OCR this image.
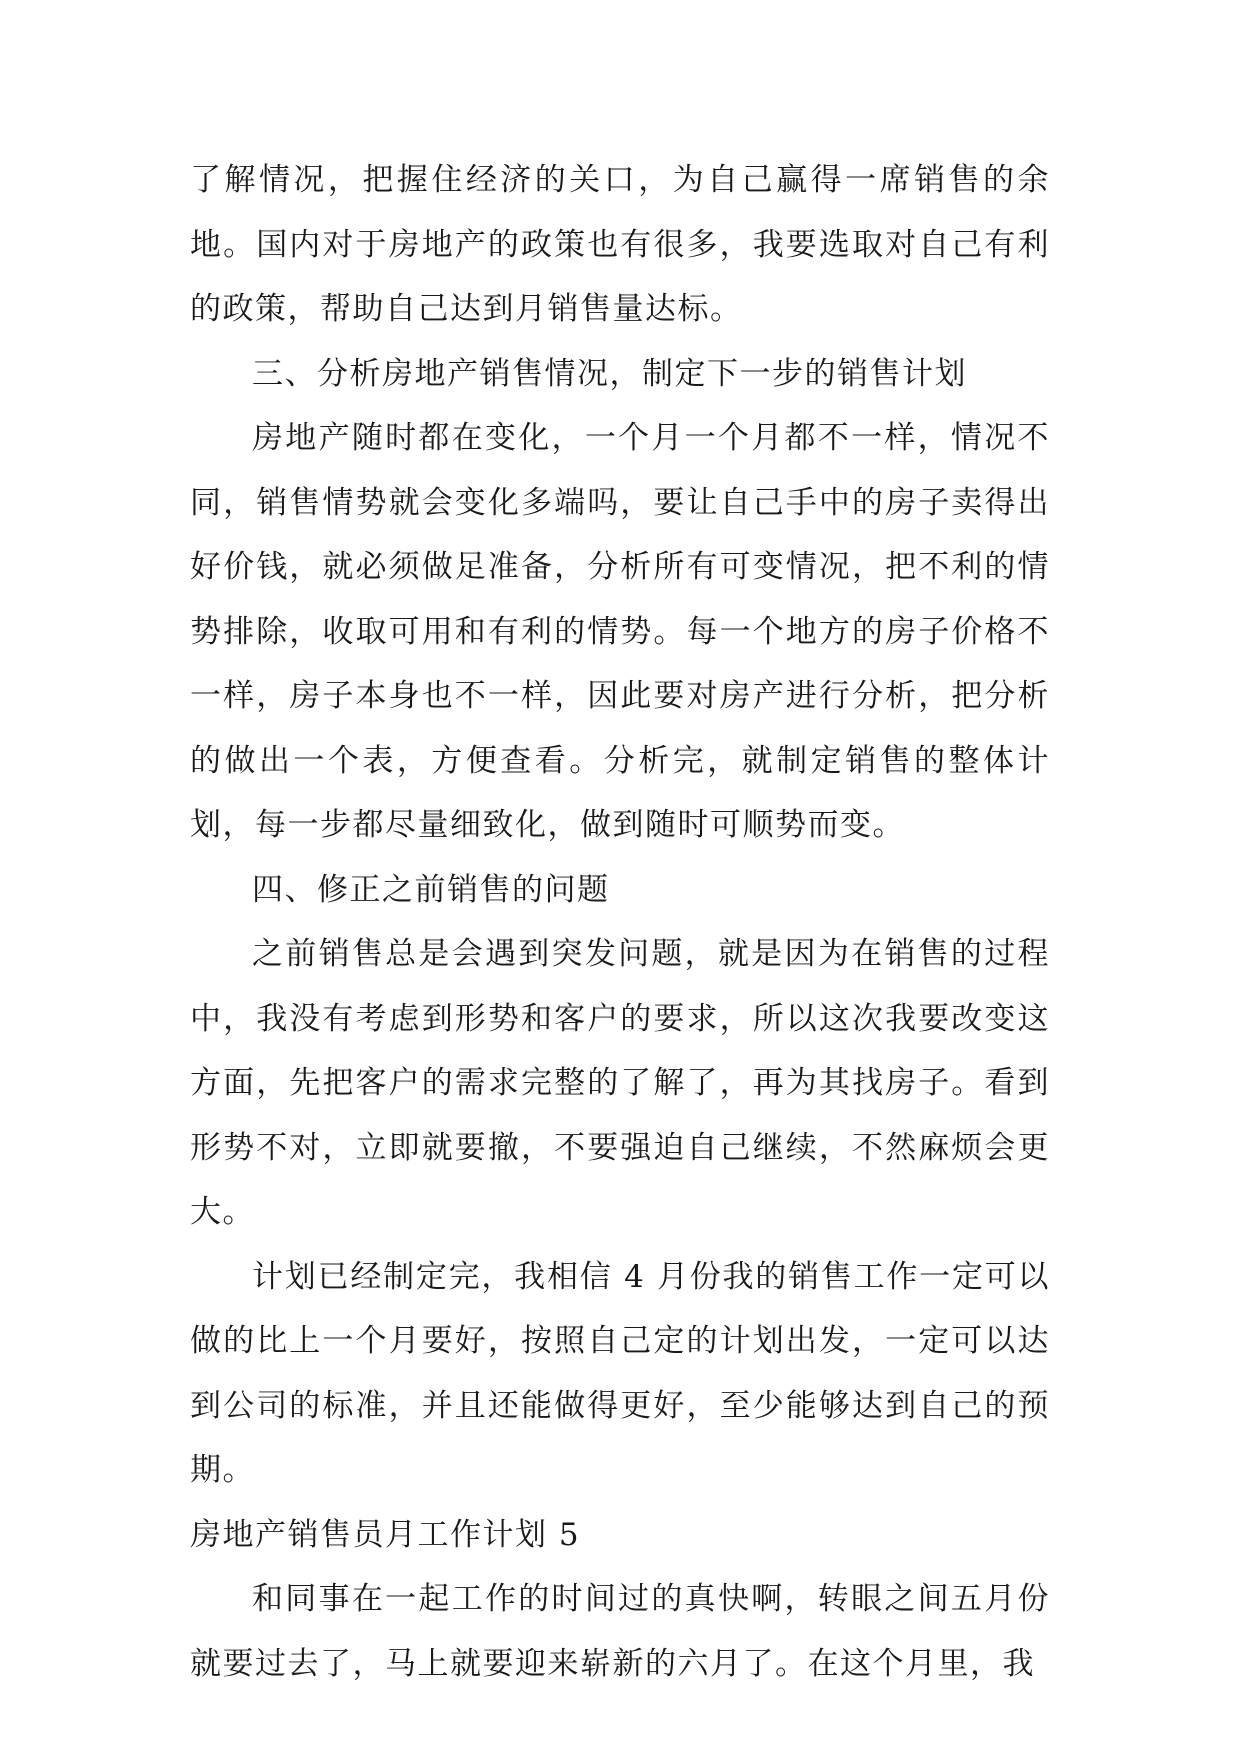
了解情况，把握住经济的关口，为自己赢得一席销售的余地。国内对于房地产的政策也有很多，我要选取对自己有利的政策，帮助自己达到月销售量达标。

三、分析房地产销售情况，制定下一步的销售计划

房地产随时都在变化，一个月一个月都不一样，情况不同，销售情势就会变化多端吗，要让自己手中的房子卖得出好价钱，就必须做足准备，分析所有可变情况，把不利的情势排除，收取可用和有利的情势。每一个地方的房子价格不一样，房子本身也不一样，因此要对房产进行分析，把分析的做出一个表，方便查看。分析完，就制定销售的整体计划，每一步都尽量细致化，做到随时可顺势而变。

四、修正之前销售的问题

之前销售总是会遇到突发问题，就是因为在销售的过程中，我没有考虑到形势和客户的要求，所以这次我要改变这方面，先把客户的需求完整的了解了，再为其找房子。看到形势不对，立即就要撤，不要强迫自己继续，不然麻烦会更大。

计划已经制定完，我相信 4 月份我的销售工作一定可以做的比上一个月要好，按照自己定的计划出发，一定可以达到公司的标准，并且还能做得更好，至少能够达到自己的预期。

房地产销售员月工作计划 5

和同事在一起工作的时间过的真快啊，转眼之间五月份就要过去了，马上就要迎来崭新的六月了。在这个月里，我
